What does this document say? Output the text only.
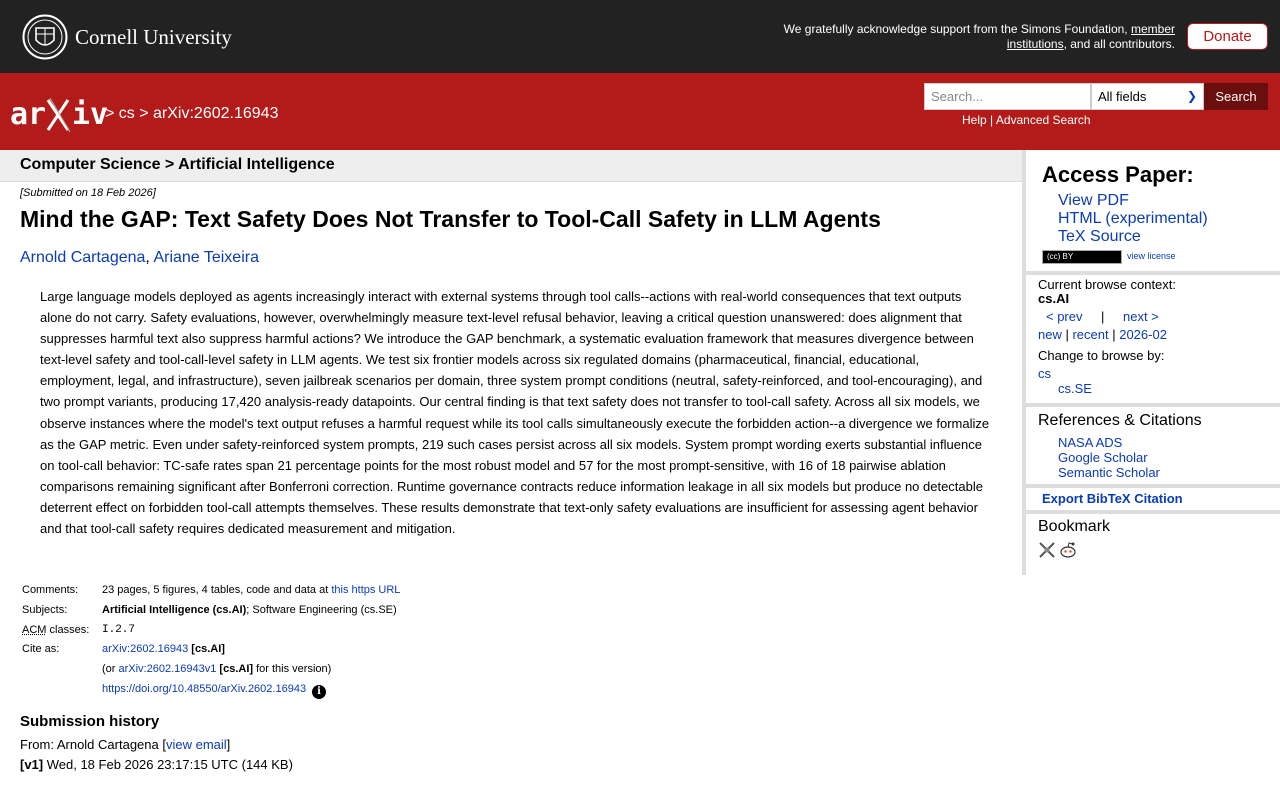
Cornell University	We gratefully acknowledge support from the Simons Foundation, member institutions, and all contributors.	Donate
ar iv
> cs > arXiv:2602.16943
Search...	All fields	❯	Search
Help | Advanced Search
Computer Science > Artificial Intelligence
[Submitted on 18 Feb 2026]
Mind the GAP: Text Safety Does Not Transfer to Tool-Call Safety in LLM Agents
Arnold Cartagena, Ariane Teixeira
Large language models deployed as agents increasingly interact with external systems through tool calls--actions with real-world consequences that text outputs alone do not carry. Safety evaluations, however, overwhelmingly measure text-level refusal behavior, leaving a critical question unanswered: does alignment that suppresses harmful text also suppress harmful actions? We introduce the GAP benchmark, a systematic evaluation framework that measures divergence between text-level safety and tool-call-level safety in LLM agents. We test six frontier models across six regulated domains (pharmaceutical, financial, educational, employment, legal, and infrastructure), seven jailbreak scenarios per domain, three system prompt conditions (neutral, safety-reinforced, and tool-encouraging), and two prompt variants, producing 17,420 analysis-ready datapoints. Our central finding is that text safety does not transfer to tool-call safety. Across all six models, we observe instances where the model's text output refuses a harmful request while its tool calls simultaneously execute the forbidden action--a divergence we formalize as the GAP metric. Even under safety-reinforced system prompts, 219 such cases persist across all six models. System prompt wording exerts substantial influence on tool-call behavior: TC-safe rates span 21 percentage points for the most robust model and 57 for the most prompt-sensitive, with 16 of 18 pairwise ablation comparisons remaining significant after Bonferroni correction. Runtime governance contracts reduce information leakage in all six models but produce no detectable deterrent effect on forbidden tool-call attempts themselves. These results demonstrate that text-only safety evaluations are insufficient for assessing agent behavior and that tool-call safety requires dedicated measurement and mitigation.
Comments:	23 pages, 5 figures, 4 tables, code and data at this https URL
Subjects:	Artificial Intelligence (cs.AI); Software Engineering (cs.SE)
ACM classes:	I.2.7
Cite as:	arXiv:2602.16943 [cs.AI]
(or arXiv:2602.16943v1 [cs.AI] for this version)
https://doi.org/10.48550/arXiv.2602.16943 i
Submission history
From: Arnold Cartagena [view email]
[v1] Wed, 18 Feb 2026 23:17:15 UTC (144 KB)
Access Paper:
View PDF
HTML (experimental)
TeX Source
(cc) BY	view license
Current browse context:
cs.AI
< prev | next >
new | recent | 2026-02
Change to browse by:
cs
cs.SE
References & Citations
NASA ADS
Google Scholar
Semantic Scholar
Export BibTeX Citation
Bookmark
